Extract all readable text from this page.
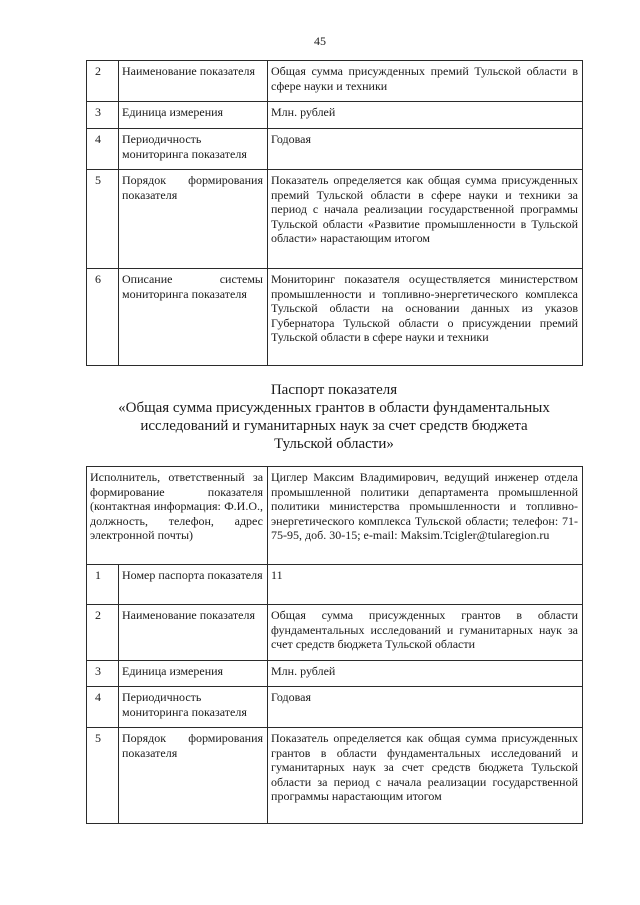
45
2	Наименование показателя	Общая сумма присужденных премий Тульской области в сфере науки и техники
3	Единица измерения	Млн. рублей
4	Периодичность мониторинга показателя	Годовая
5	Порядок формирования показателя	Показатель определяется как общая сумма присужденных премий Тульской области в сфере науки и техники за период с начала реализации государственной программы Тульской области «Развитие промышленности в Тульской области» нарастающим итогом
6	Описание системы мониторинга показателя	Мониторинг показателя осуществляется министерством промышленности и топливно-энергетического комплекса Тульской области на основании данных из указов Губернатора Тульской области о присуждении премий Тульской области в сфере науки и техники
Паспорт показателя
«Общая сумма присужденных грантов в области фундаментальных
исследований и гуманитарных наук за счет средств бюджета
Тульской области»
Исполнитель, ответственный за формирование показателя (контактная информация: Ф.И.О., должность, телефон, адрес электронной почты)		Циглер Максим Владимирович, ведущий инженер отдела промышленной политики департамента промышленной политики министерства промышленности и топливно-энергетического комплекса Тульской области; телефон: 71-75-95, доб. 30-15; e-mail: Maksim.Tcigler@tularegion.ru
1	Номер паспорта показателя	11
2	Наименование показателя	Общая сумма присужденных грантов в области фундаментальных исследований и гуманитарных наук за счет средств бюджета Тульской области
3	Единица измерения	Млн. рублей
4	Периодичность мониторинга показателя	Годовая
5	Порядок формирования показателя	Показатель определяется как общая сумма присужденных грантов в области фундаментальных исследований и гуманитарных наук за счет средств бюджета Тульской области за период с начала реализации государственной программы нарастающим итогом
